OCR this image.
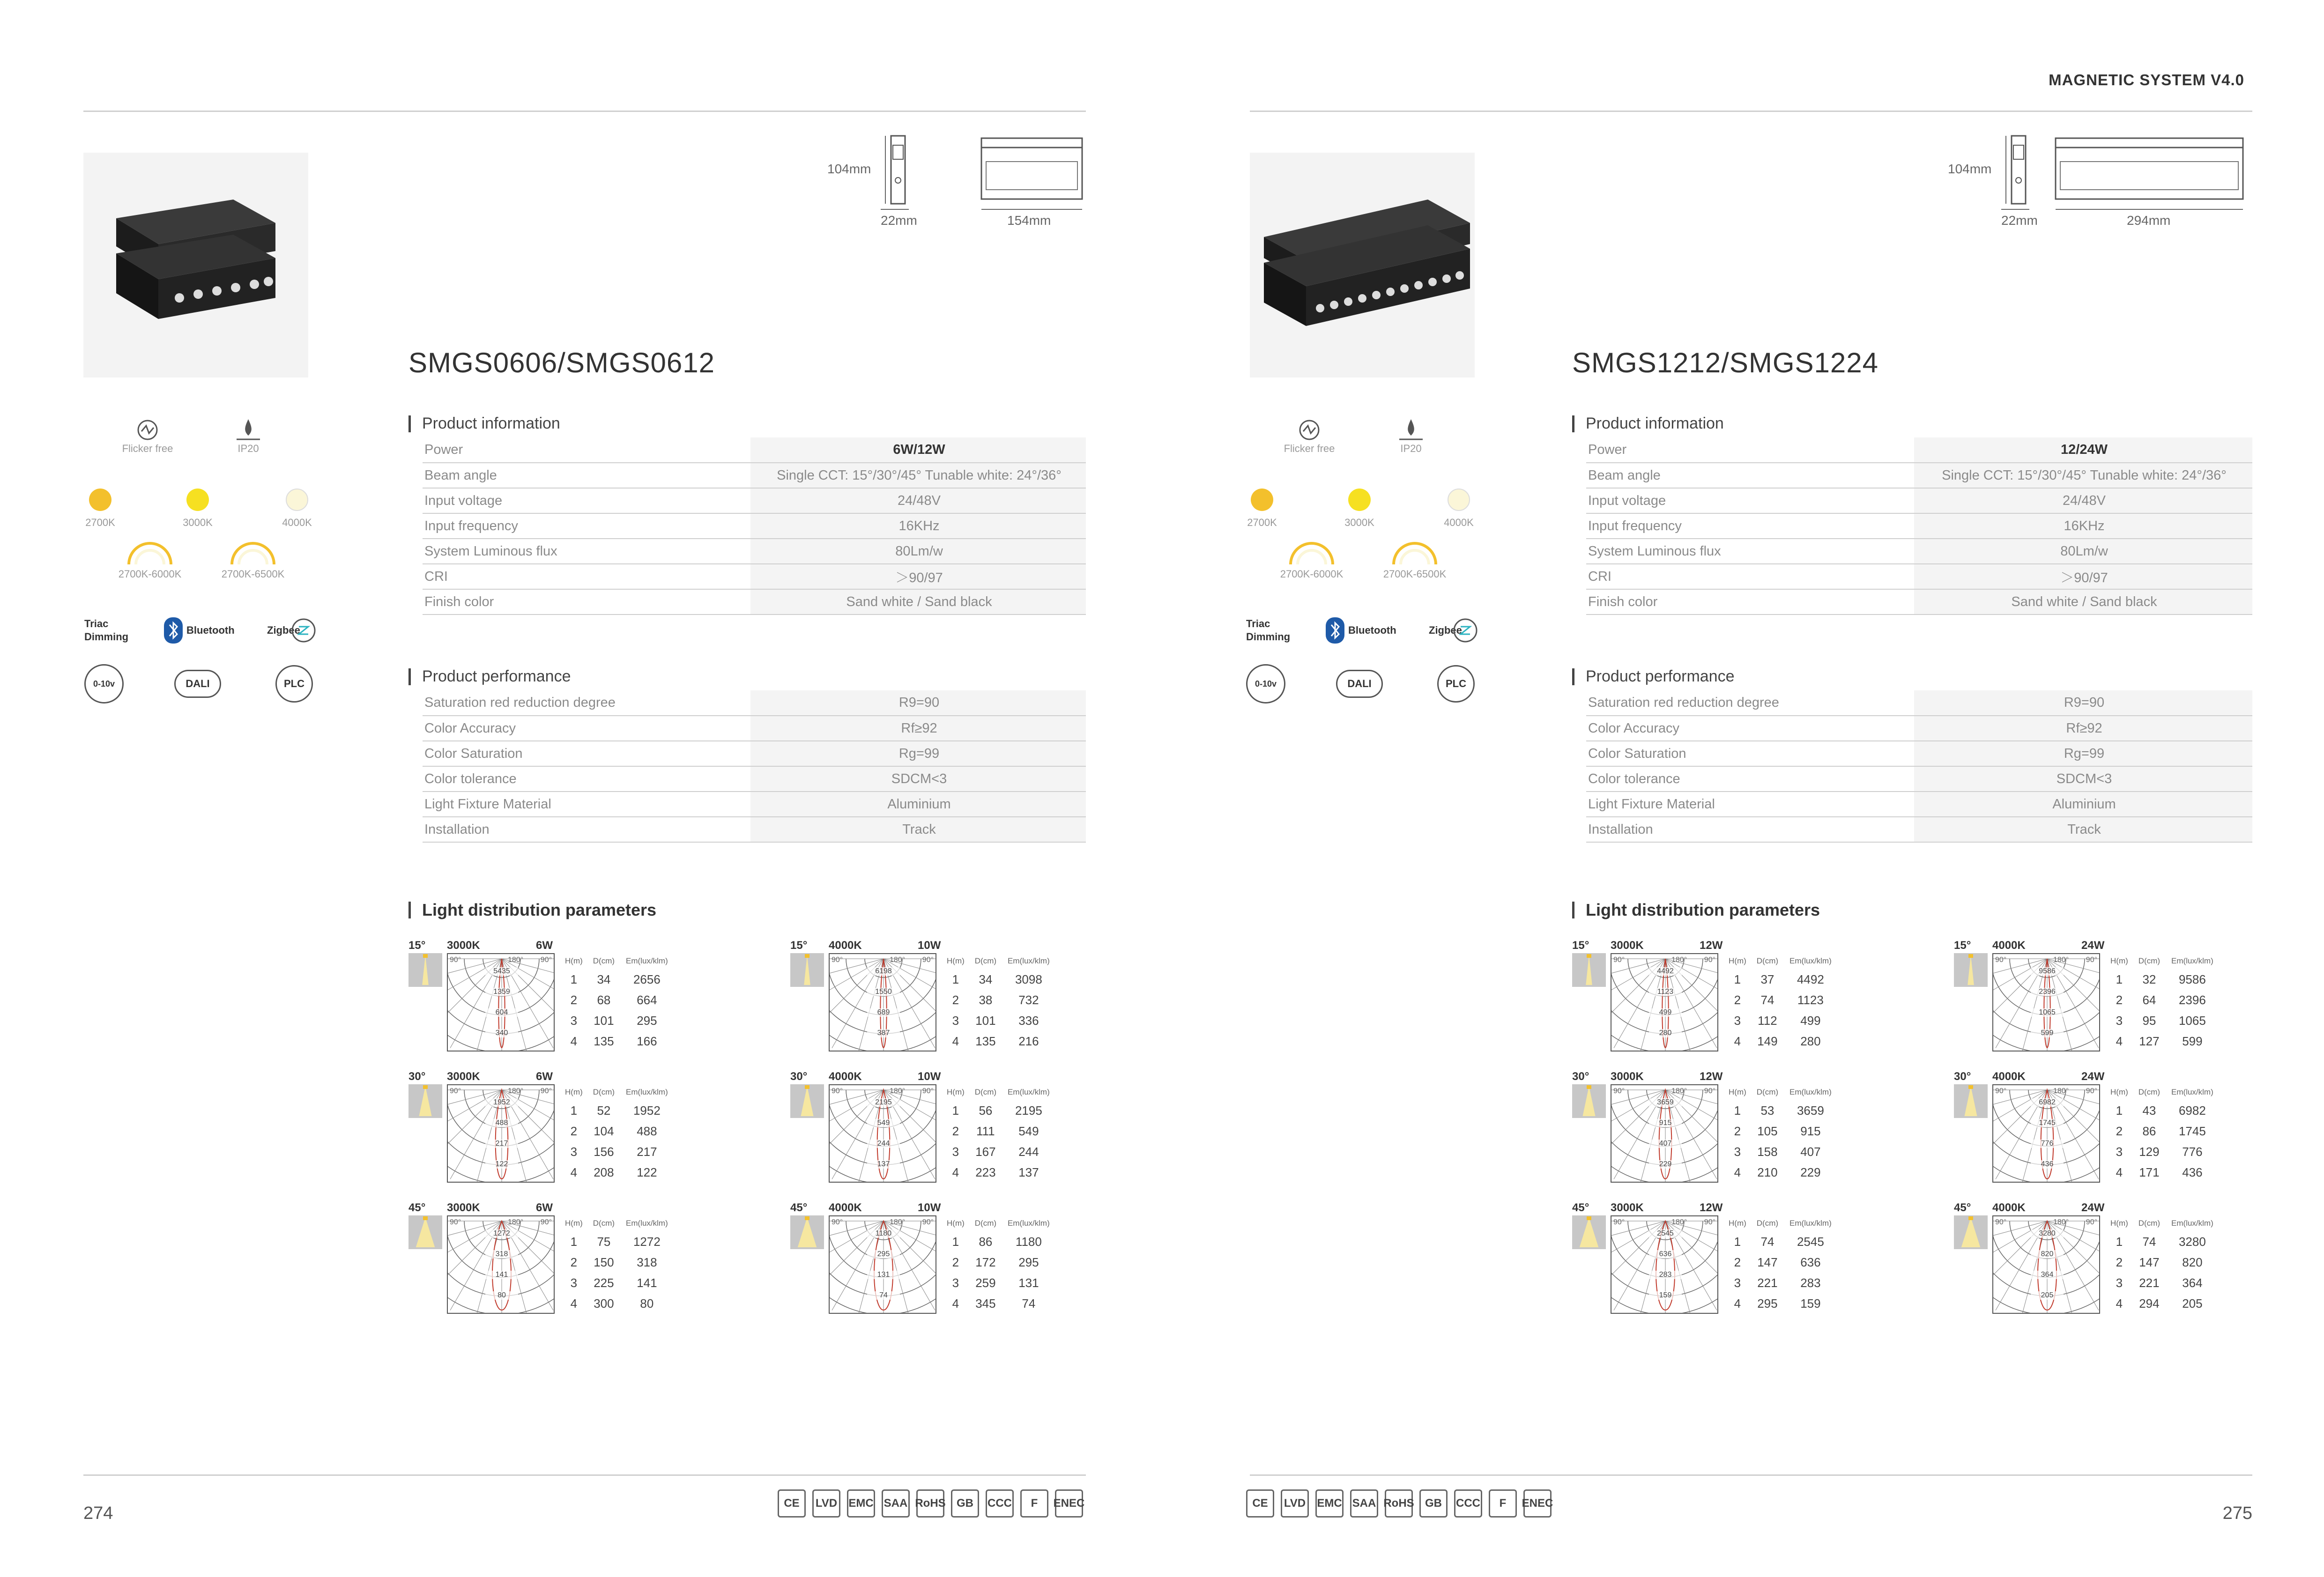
MAGNETIC SYSTEM V4.0
104mm
22mm	154mm
SMGS0606/SMGS0612
Flicker free	IP20
2700K	3000K	4000K
2700K-6000K	2700K-6500K
Triac
Dimming
Bluetooth	Zigbee
0-10v	DALI	PLC
Product information
Power	6W/12W
Beam angle	Single CCT: 15°/30°/45° Tunable white: 24°/36°
Input voltage	24/48V
Input frequency	16KHz
System Luminous flux	80Lm/w
CRI	＞90/97
Finish color	Sand white / Sand black
Product performance
Saturation red reduction degree	R9=90
Color Accuracy	Rf≥92
Color Saturation	Rg=99
Color tolerance	SDCM<3
Light Fixture Material	Aluminium
Installation	Track
Light distribution parameters
274
CE	LVD EMC SAA RoHS GB	CCC	F	ENEC
104mm
22mm	294mm
SMGS1212/SMGS1224
Flicker free	IP20
2700K	3000K	4000K
2700K-6000K	2700K-6500K
Triac
Dimming
Bluetooth	Zigbee
0-10v	DALI	PLC
Product information
Power	12/24W
Beam angle	Single CCT: 15°/30°/45° Tunable white: 24°/36°
Input voltage	24/48V
Input frequency	16KHz
System Luminous flux	80Lm/w
CRI	＞90/97
Finish color	Sand white / Sand black
Product performance
Saturation red reduction degree	R9=90
Color Accuracy	Rf≥92
Color Saturation	Rg=99
Color tolerance	SDCM<3
Light Fixture Material	Aluminium
Installation	Track
Light distribution parameters
275
CE	LVD EMC SAA RoHS GB	CCC	F	ENEC
15° 3000K	6W
90°	180° 90°
5435
1359
604
340
H(m)	D(cm)	Em(lux/klm)
1	34	2656
2	68	664
3	101	295
4	135	166
15° 4000K	10W
90°	180° 90°
6198
1550
689
387
H(m)	D(cm)	Em(lux/klm)
1	34	3098
2	38	732
3	101	336
4	135	216
30° 3000K	6W
90°	180° 90°
1952
488
217
122
H(m)	D(cm)	Em(lux/klm)
1	52	1952
2	104	488
3	156	217
4	208	122
30° 4000K	10W
90°	180° 90°
2195
549
244
137
H(m)	D(cm)	Em(lux/klm)
1	56	2195
2	111	549
3	167	244
4	223	137
45° 3000K	6W
90°	180° 90°
1272
318
141
80
H(m)	D(cm)	Em(lux/klm)
1	75	1272
2	150	318
3	225	141
4	300	80
45° 4000K	10W
90°	180° 90°
1180
295
131
74
H(m)	D(cm)	Em(lux/klm)
1	86	1180
2	172	295
3	259	131
4	345	74
15° 3000K	12W
90°	180° 90°
4492
1123
499
280
H(m)	D(cm)	Em(lux/klm)
1	37	4492
2	74	1123
3	112	499
4	149	280
15° 4000K	24W
90°	180° 90°
9586
2396
1065
599
H(m)	D(cm)	Em(lux/klm)
1	32	9586
2	64	2396
3	95	1065
4	127	599
30° 3000K	12W
90°	180° 90°
3659
915
407
229
H(m)	D(cm)	Em(lux/klm)
1	53	3659
2	105	915
3	158	407
4	210	229
30° 4000K	24W
90°	180° 90°
6982
1745
776
436
H(m)	D(cm)	Em(lux/klm)
1	43	6982
2	86	1745
3	129	776
4	171	436
45° 3000K	12W
90°	180° 90°
2545
636
283
159
H(m)	D(cm)	Em(lux/klm)
1	74	2545
2	147	636
3	221	283
4	295	159
45° 4000K	24W
90°	180° 90°
3280
820
364
205
H(m)	D(cm)	Em(lux/klm)
1	74	3280
2	147	820
3	221	364
4	294	205
